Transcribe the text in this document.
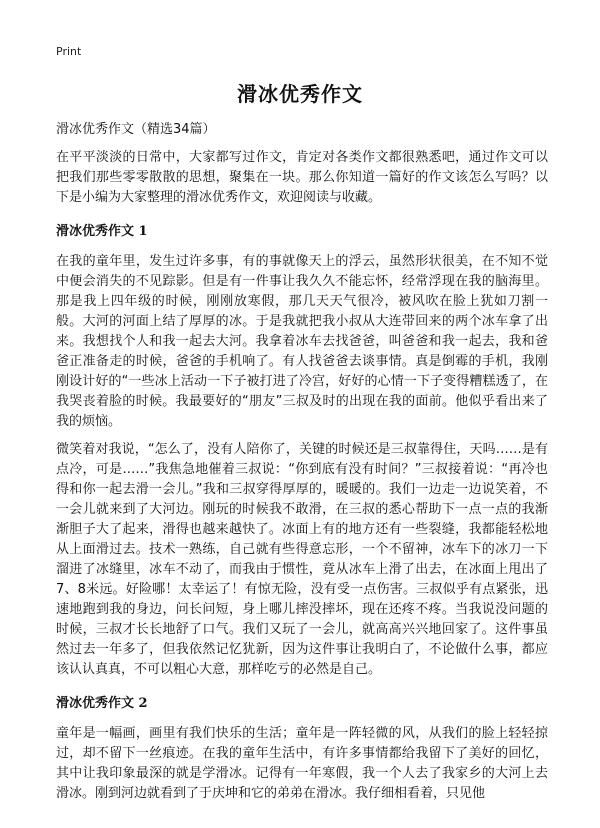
Print
滑冰优秀作文

滑冰优秀作文（精选34篇）

在平平淡淡的日常中，大家都写过作文，肯定对各类作文都很熟悉吧，通过作文可以把我们那些零零散散的思想，聚集在一块。那么你知道一篇好的作文该怎么写吗？以下是小编为大家整理的滑冰优秀作文，欢迎阅读与收藏。

滑冰优秀作文 1

在我的童年里，发生过许多事，有的事就像天上的浮云，虽然形状很美，在不知不觉中便会消失的不见踪影。但是有一件事让我久久不能忘怀，经常浮现在我的脑海里。那是我上四年级的时候，刚刚放寒假，那几天天气很冷，被风吹在脸上犹如刀割一般。大河的河面上结了厚厚的冰。于是我就把我小叔从大连带回来的两个冰车拿了出来。我想找个人和我一起去大河。我拿着冰车去找爸爸，叫爸爸和我一起去，我和爸爸正准备走的时候，爸爸的手机响了。有人找爸爸去谈事情。真是倒霉的手机，我刚刚设计好的“一些冰上活动一下子被打进了冷宫，好好的心情一下子变得糟糕透了，在我哭丧着脸的时候。我最要好的“朋友”三叔及时的出现在我的面前。他似乎看出来了我的烦恼。

微笑着对我说，“怎么了，没有人陪你了，关键的时候还是三叔靠得住，天吗……是有点冷，可是……”我焦急地催着三叔说：“你到底有没有时间？”三叔接着说：“再冷也得和你一起去滑一会儿。”我和三叔穿得厚厚的，暖暖的。我们一边走一边说笑着，不一会儿就来到了大河边。刚玩的时候我不敢滑，在三叔的悉心帮助下一点一点的我渐渐胆子大了起来，滑得也越来越快了。冰面上有的地方还有一些裂缝，我都能轻松地从上面滑过去。技术一熟练，自己就有些得意忘形，一个不留神，冰车下的冰刀一下溜进了冰缝里，冰车不动了，而我由于惯性，竟从冰车上滑了出去，在冰面上甩出了7、8米远。好险哪！太幸运了！有惊无险，没有受一点伤害。三叔似乎有点紧张，迅速地跑到我的身边，问长问短，身上哪儿摔没摔坏，现在还疼不疼。当我说没问题的时候，三叔才长长地舒了口气。我们又玩了一会儿，就高高兴兴地回家了。这件事虽然过去一年多了，但我依然记忆犹新，因为这件事让我明白了，不论做什么事，都应该认认真真，不可以粗心大意，那样吃亏的必然是自己。

滑冰优秀作文 2

童年是一幅画，画里有我们快乐的生活；童年是一阵轻微的风，从我们的脸上轻轻掠过，却不留下一丝痕迹。在我的童年生活中，有许多事情都给我留下了美好的回忆，其中让我印象最深的就是学滑冰。记得有一年寒假，我一个人去了我家乡的大河上去滑冰。刚到河边就看到了于庆坤和它的弟弟在滑冰。我仔细相看着，只见他
